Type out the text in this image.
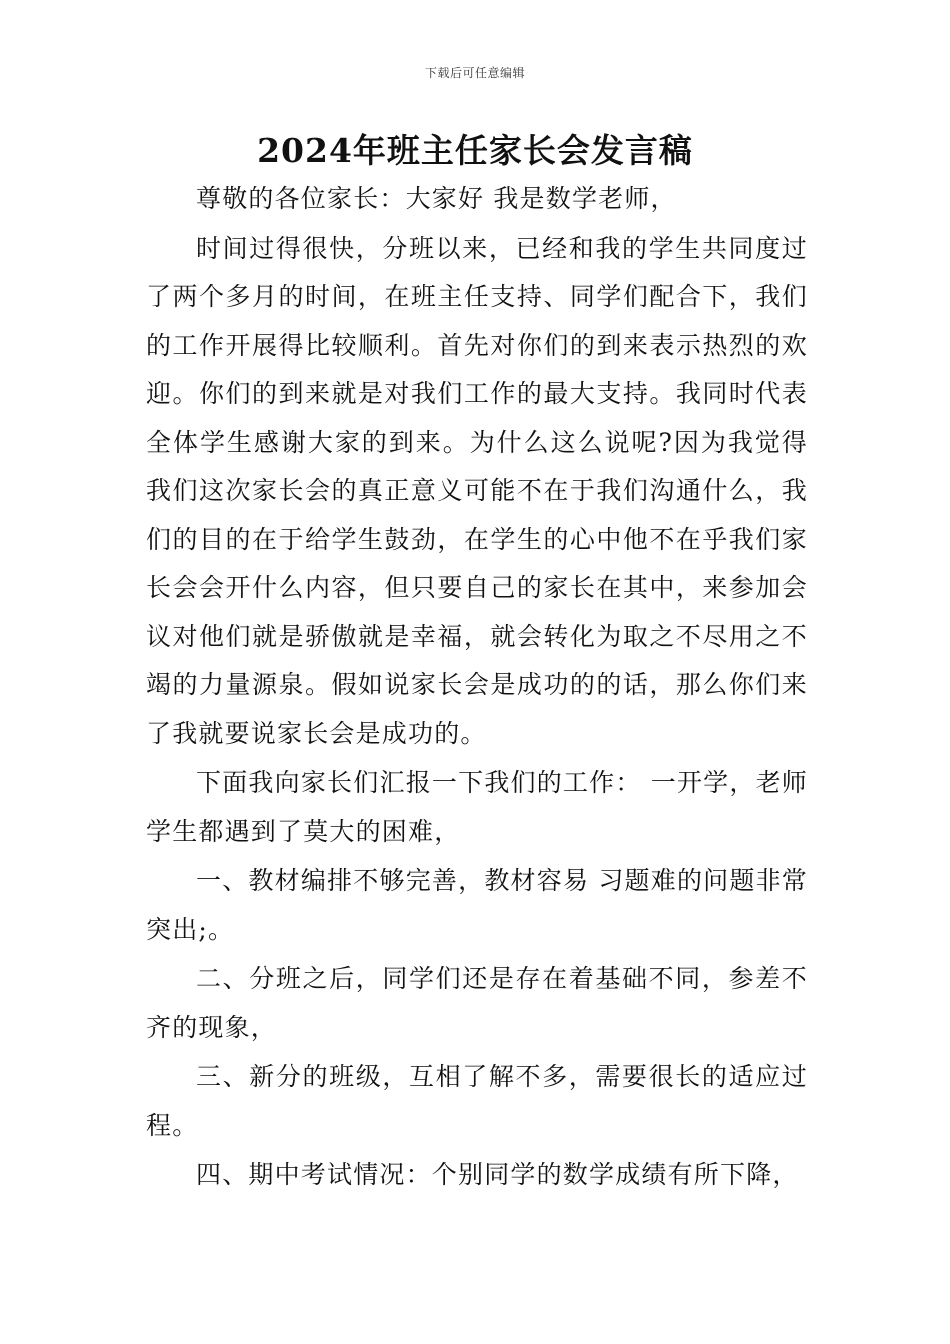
下载后可任意编辑
2024年班主任家长会发言稿

尊敬的各位家长：大家好 我是数学老师，

时间过得很快，分班以来，已经和我的学生共同度过了两个多月的时间，在班主任支持、同学们配合下，我们的工作开展得比较顺利。首先对你们的到来表示热烈的欢迎。你们的到来就是对我们工作的最大支持。我同时代表全体学生感谢大家的到来。为什么这么说呢?因为我觉得我们这次家长会的真正意义可能不在于我们沟通什么，我们的目的在于给学生鼓劲，在学生的心中他不在乎我们家长会会开什么内容，但只要自己的家长在其中，来参加会议对他们就是骄傲就是幸福，就会转化为取之不尽用之不竭的力量源泉。假如说家长会是成功的的话，那么你们来了我就要说家长会是成功的。

下面我向家长们汇报一下我们的工作： 一开学，老师学生都遇到了莫大的困难，

一、教材编排不够完善，教材容易 习题难的问题非常突出;。

二、分班之后，同学们还是存在着基础不同，参差不齐的现象，

三、新分的班级，互相了解不多，需要很长的适应过程。

四、期中考试情况：个别同学的数学成绩有所下降，
